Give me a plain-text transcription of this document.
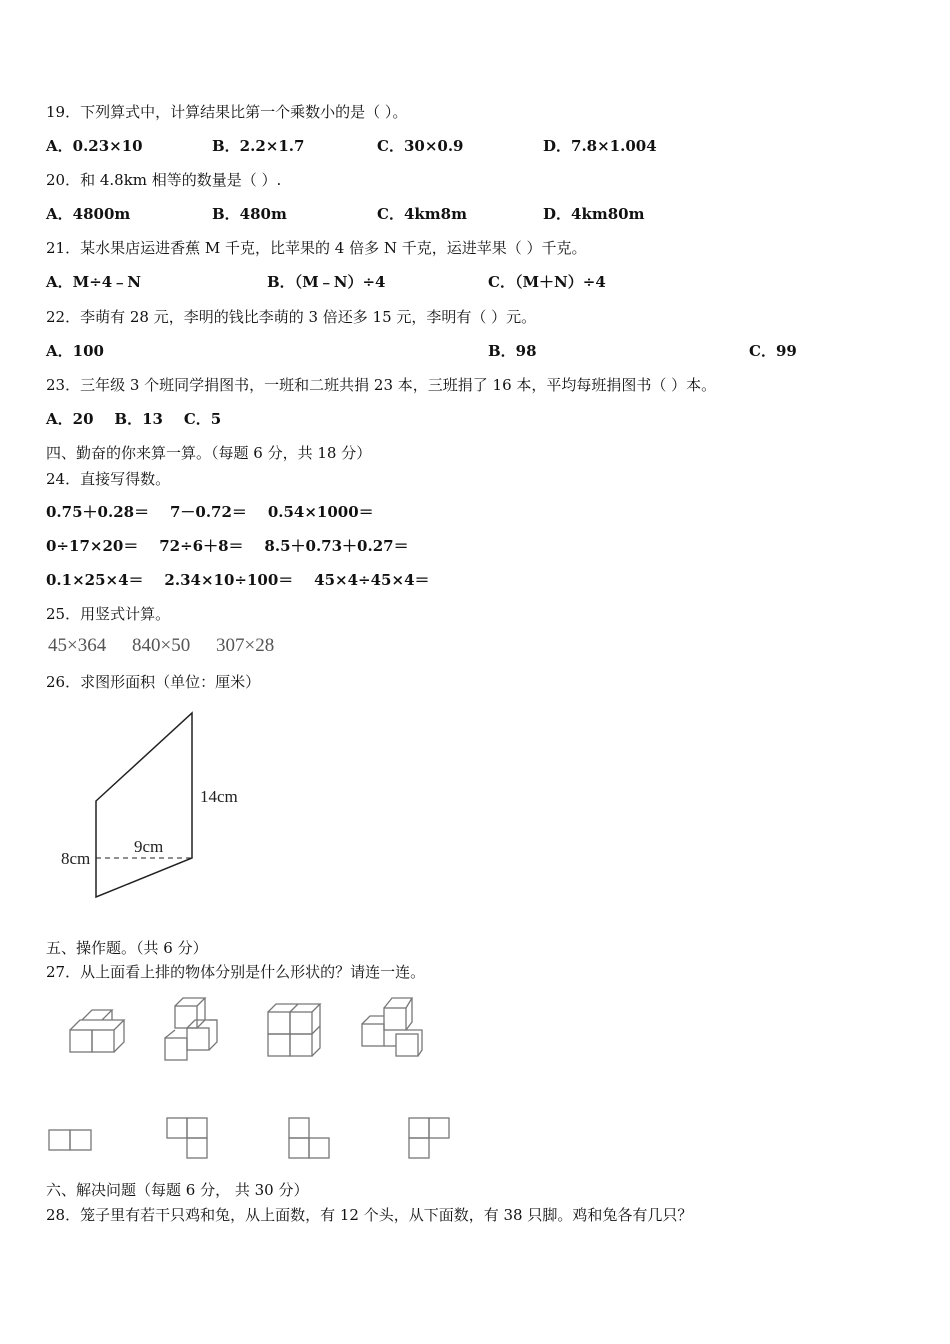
19．下列算式中，计算结果比第一个乘数小的是（ ）。
A．0.23×10	B．2.2×1.7	C．30×0.9	D．7.8×1.004
20．和 4.8km 相等的数量是（ ）.
A．4800m	B．480m	C．4km8m	D．4km80m
21．某水果店运进香蕉 M 千克，比苹果的 4 倍多 N 千克，运进苹果（ ）千克。
A．M÷4﹣N	B．（M﹣N）÷4	C．（M＋N）÷4
22．李萌有 28 元，李明的钱比李萌的 3 倍还多 15 元，李明有（ ）元。
A．100	B．98	C．99
23．三年级 3 个班同学捐图书，一班和二班共捐 23 本，三班捐了 16 本，平均每班捐图书（ ）本。
A．20    B．13    C．5
四、勤奋的你来算一算。（每题 6 分，共 18 分）
24．直接写得数。
0.75＋0.28＝    7－0.72＝    0.54×1000＝
0÷17×20＝    72÷6＋8＝    8.5＋0.73＋0.27＝
0.1×25×4＝    2.34×10÷100＝    45×4÷45×4＝
25．用竖式计算。
45×364 840×50 307×28
26．求图形面积（单位：厘米）
14cm
9cm
8cm
五、操作题。（共 6 分）
27．从上面看上排的物体分别是什么形状的？请连一连。
六、解决问题（每题 6 分， 共 30 分）
28．笼子里有若干只鸡和兔，从上面数，有 12 个头，从下面数，有 38 只脚。鸡和兔各有几只？
